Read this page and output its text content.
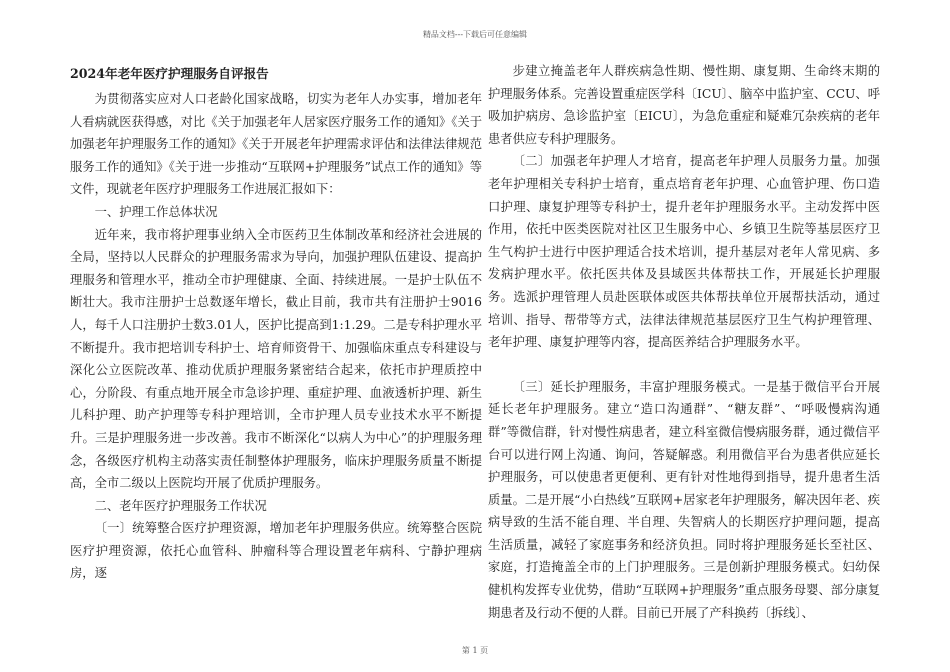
精品文档---下载后可任意编辑
2024年老年医疗护理服务自评报告

为贯彻落实应对人口老龄化国家战略，切实为老年人办实事，增加老年人看病就医获得感，对比《关于加强老年人居家医疗服务工作的通知》《关于加强老年护理服务工作的通知》《关于开展老年护理需求评估和法律法律规范服务工作的通知》《关于进一步推动“互联网+护理服务”试点工作的通知》等文件，现就老年医疗护理服务工作进展汇报如下：

一、护理工作总体状况

近年来，我市将护理事业纳入全市医药卫生体制改革和经济社会进展的全局，坚持以人民群众的护理服务需求为导向，加强护理队伍建设、提高护理服务和管理水平，推动全市护理健康、全面、持续进展。一是护士队伍不断壮大。我市注册护士总数逐年增长，截止目前，我市共有注册护士9016人，每千人口注册护士数3.01人，医护比提高到1:1.29。二是专科护理水平不断提升。我市把培训专科护士、培育师资骨干、加强临床重点专科建设与深化公立医院改革、推动优质护理服务紧密结合起来，依托市护理质控中心，分阶段、有重点地开展全市急诊护理、重症护理、血液透析护理、新生儿科护理、助产护理等专科护理培训，全市护理人员专业技术水平不断提升。三是护理服务进一步改善。我市不断深化“以病人为中心”的护理服务理念，各级医疗机构主动落实责任制整体护理服务，临床护理服务质量不断提高，全市二级以上医院均开展了优质护理服务。

二、老年医疗护理服务工作状况

〔一〕统筹整合医疗护理资源，增加老年护理服务供应。统筹整合医院医疗护理资源，依托心血管科、肿瘤科等合理设置老年病科、宁静护理病房，逐

步建立掩盖老年人群疾病急性期、慢性期、康复期、生命终末期的护理服务体系。完善设置重症医学科〔ICU〕、脑卒中监护室、CCU、呼吸加护病房、急诊监护室〔EICU〕，为急危重症和疑难冗杂疾病的老年患者供应专科护理服务。

〔二〕加强老年护理人才培育，提高老年护理人员服务力量。加强老年护理相关专科护士培育，重点培育老年护理、心血管护理、伤口造口护理、康复护理等专科护士，提升老年护理服务水平。主动发挥中医作用，依托中医类医院对社区卫生服务中心、乡镇卫生院等基层医疗卫生气构护士进行中医护理适合技术培训，提升基层对老年人常见病、多发病护理水平。依托医共体及县域医共体帮扶工作，开展延长护理服务。选派护理管理人员赴医联体或医共体帮扶单位开展帮扶活动，通过培训、指导、帮带等方式，法律法律规范基层医疗卫生气构护理管理、老年护理、康复护理等内容，提高医养结合护理服务水平。

〔三〕延长护理服务，丰富护理服务模式。一是基于微信平台开展延长老年护理服务。建立“造口沟通群”、“糖友群”、“呼吸慢病沟通群”等微信群，针对慢性病患者，建立科室微信慢病服务群，通过微信平台可以进行网上沟通、询问，答疑解惑。利用微信平台为患者供应延长护理服务，可以使患者更便利、更有针对性地得到指导，提升患者生活质量。二是开展“小白热线”互联网+居家老年护理服务，解决因年老、疾病导致的生活不能自理、半自理、失智病人的长期医疗护理问题，提高生活质量，减轻了家庭事务和经济负担。同时将护理服务延长至社区、家庭，打造掩盖全市的上门护理服务。三是创新护理服务模式。妇幼保健机构发挥专业优势，借助“互联网+护理服务”重点服务母婴、部分康复期患者及行动不便的人群。目前已开展了产科换药〔拆线〕、

第 1 页
